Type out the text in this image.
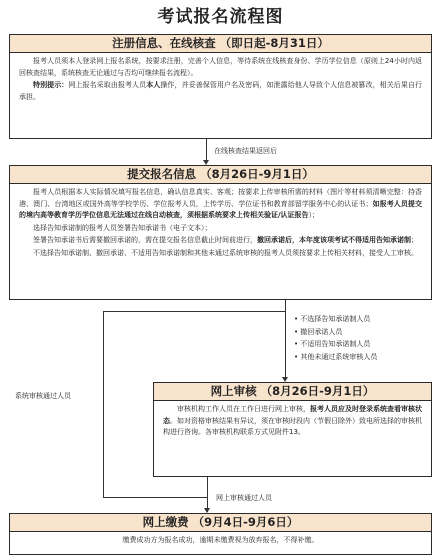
考试报名流程图
注册信息、在线核查 （即日起-8月31日）

报考人员须本人登录网上报名系统，按要求注册，完善个人信息，等待系统在线核查身份、学历学位信息（原则上24小时内返回核查结果，系统核查无论通过与否均可继续报名流程）。

特别提示：网上报名采取由报考人员本人操作，并妥善保管用户名及密码，如泄露给他人导致个人信息被篡改，相关后果自行承担。

在线核查结果返回后
提交报名信息 （8月26日-9月1日）

报考人员根据本人实际情况填写报名信息，确认信息真实、客观；按要求上传审核所需的材料（图片等材料须清晰完整：持香港、澳门、台湾地区或国外高等学校学历、学位报考人员，上传学历、学位证书和教育部留学服务中心的认证书；如报考人员提交的境内高等教育学历学位信息无法通过在线自动核查，须根据系统要求上传相关验证/认证报告）；

选择告知承诺制的报考人员签署告知承诺书（电子文本）；

签署告知承诺书后需要撤回承诺的，需在提交报名信息截止时间前进行，撤回承诺后，本年度该项考试不得适用告知承诺制；

不选择告知承诺制、撤回承诺、不适用告知承诺制和其他未通过系统审核的报考人员须按要求上传相关材料，接受人工审核。

系统审核通过人员
• 不选择告知承诺制人员
• 撤回承诺人员
• 不适用告知承诺制人员
• 其他未通过系统审核人员
网上审核 （8月26日-9月1日）

审核机构工作人员在工作日进行网上审核，报考人员应及时登录系统查看审核状态。如对资格审核结果有异议，须在审核时段内（节假日除外）致电所选择的审核机构进行咨询。各审核机构联系方式见附件13。

网上审核通过人员
网上缴费 （9月4日-9月6日）
缴费成功方为报名成功，逾期未缴费视为放弃报名，不得补缴。
